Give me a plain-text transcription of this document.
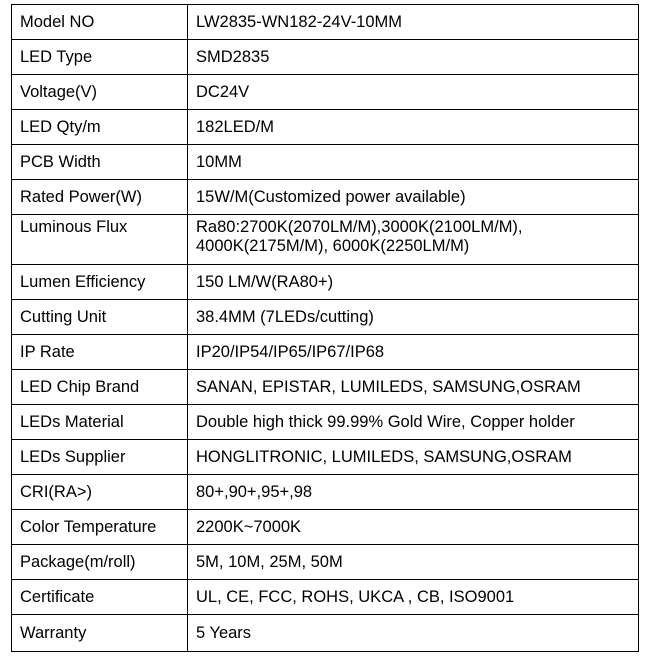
Model NO	LW2835-WN182-24V-10MM
LED Type	SMD2835
Voltage(V)	DC24V
LED Qty/m	182LED/M
PCB Width	10MM
Rated Power(W)	15W/M(Customized power available)
Luminous Flux	Ra80:2700K(2070LM/M),3000K(2100LM/M),
4000K(2175M/M), 6000K(2250LM/M)
Lumen Efficiency	150 LM/W(RA80+)
Cutting Unit	38.4MM (7LEDs/cutting)
IP Rate	IP20/IP54/IP65/IP67/IP68
LED Chip Brand	SANAN, EPISTAR, LUMILEDS, SAMSUNG,OSRAM
LEDs Material	Double high thick 99.99% Gold Wire, Copper holder
LEDs Supplier	HONGLITRONIC, LUMILEDS, SAMSUNG,OSRAM
CRI(RA>)	80+,90+,95+,98
Color Temperature	2200K~7000K
Package(m/roll)	5M, 10M, 25M, 50M
Certificate	UL, CE, FCC, ROHS, UKCA , CB, ISO9001
Warranty	5 Years
